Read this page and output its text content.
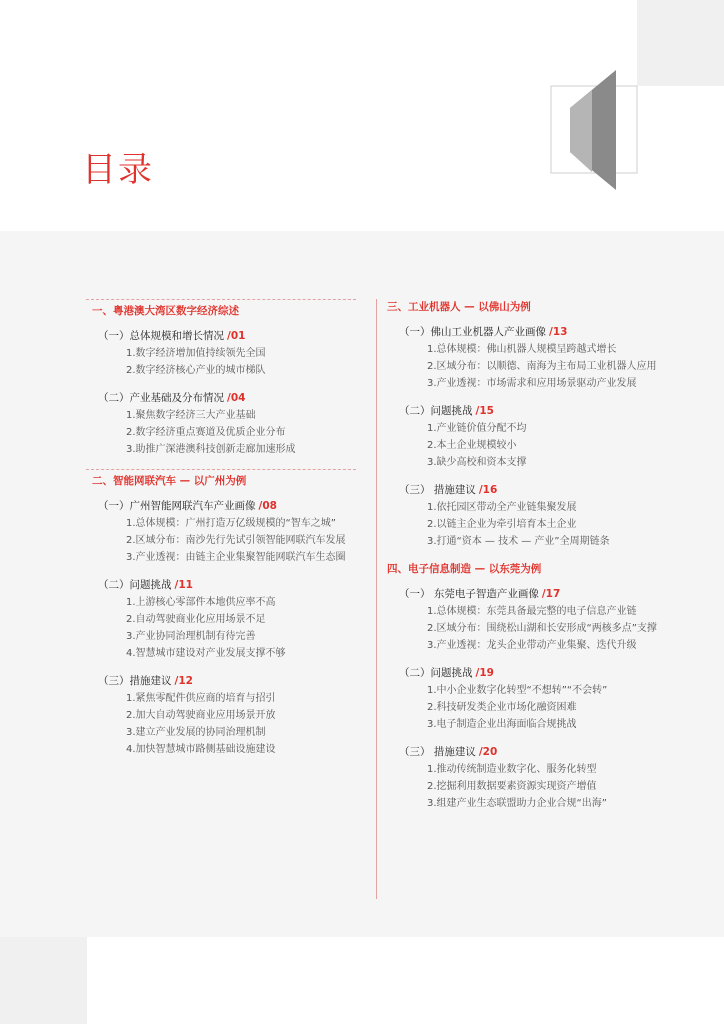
目录
一、粤港澳大湾区数字经济综述
（一）总体规模和增长情况 /01
1.数字经济增加值持续领先全国
2.数字经济核心产业的城市梯队
（二）产业基础及分布情况 /04
1.聚焦数字经济三大产业基础
2.数字经济重点赛道及优质企业分布
3.助推广深港澳科技创新走廊加速形成
二、智能网联汽车 — 以广州为例
（一）广州智能网联汽车产业画像 /08
1.总体规模：广州打造万亿级规模的“智车之城”
2.区域分布：南沙先行先试引领智能网联汽车发展
3.产业透视：由链主企业集聚智能网联汽车生态圈
（二）问题挑战 /11
1.上游核心零部件本地供应率不高
2.自动驾驶商业化应用场景不足
3.产业协同治理机制有待完善
4.智慧城市建设对产业发展支撑不够
（三）措施建议 /12
1.紧焦零配件供应商的培育与招引
2.加大自动驾驶商业应用场景开放
3.建立产业发展的协同治理机制
4.加快智慧城市路侧基础设施建设
三、工业机器人 — 以佛山为例
（一）佛山工业机器人产业画像 /13
1.总体规模：佛山机器人规模呈跨越式增长
2.区域分布：以顺德、南海为主布局工业机器人应用
3.产业透视：市场需求和应用场景驱动产业发展
（二）问题挑战 /15
1.产业链价值分配不均
2.本土企业规模较小
3.缺少高校和资本支撑
（三） 措施建议 /16
1.依托园区带动全产业链集聚发展
2.以链主企业为牵引培育本土企业
3.打通“资本 — 技术 — 产业”全周期链条
四、电子信息制造 — 以东莞为例
（一） 东莞电子智造产业画像 /17
1.总体规模：东莞具备最完整的电子信息产业链
2.区域分布：围绕松山湖和长安形成“两核多点”支撑
3.产业透视：龙头企业带动产业集聚、迭代升级
（二）问题挑战 /19
1.中小企业数字化转型“不想转”“不会转”
2.科技研发类企业市场化融资困难
3.电子制造企业出海面临合规挑战
（三） 措施建议 /20
1.推动传统制造业数字化、服务化转型
2.挖掘利用数据要素资源实现资产增值
3.组建产业生态联盟助力企业合规“出海”
